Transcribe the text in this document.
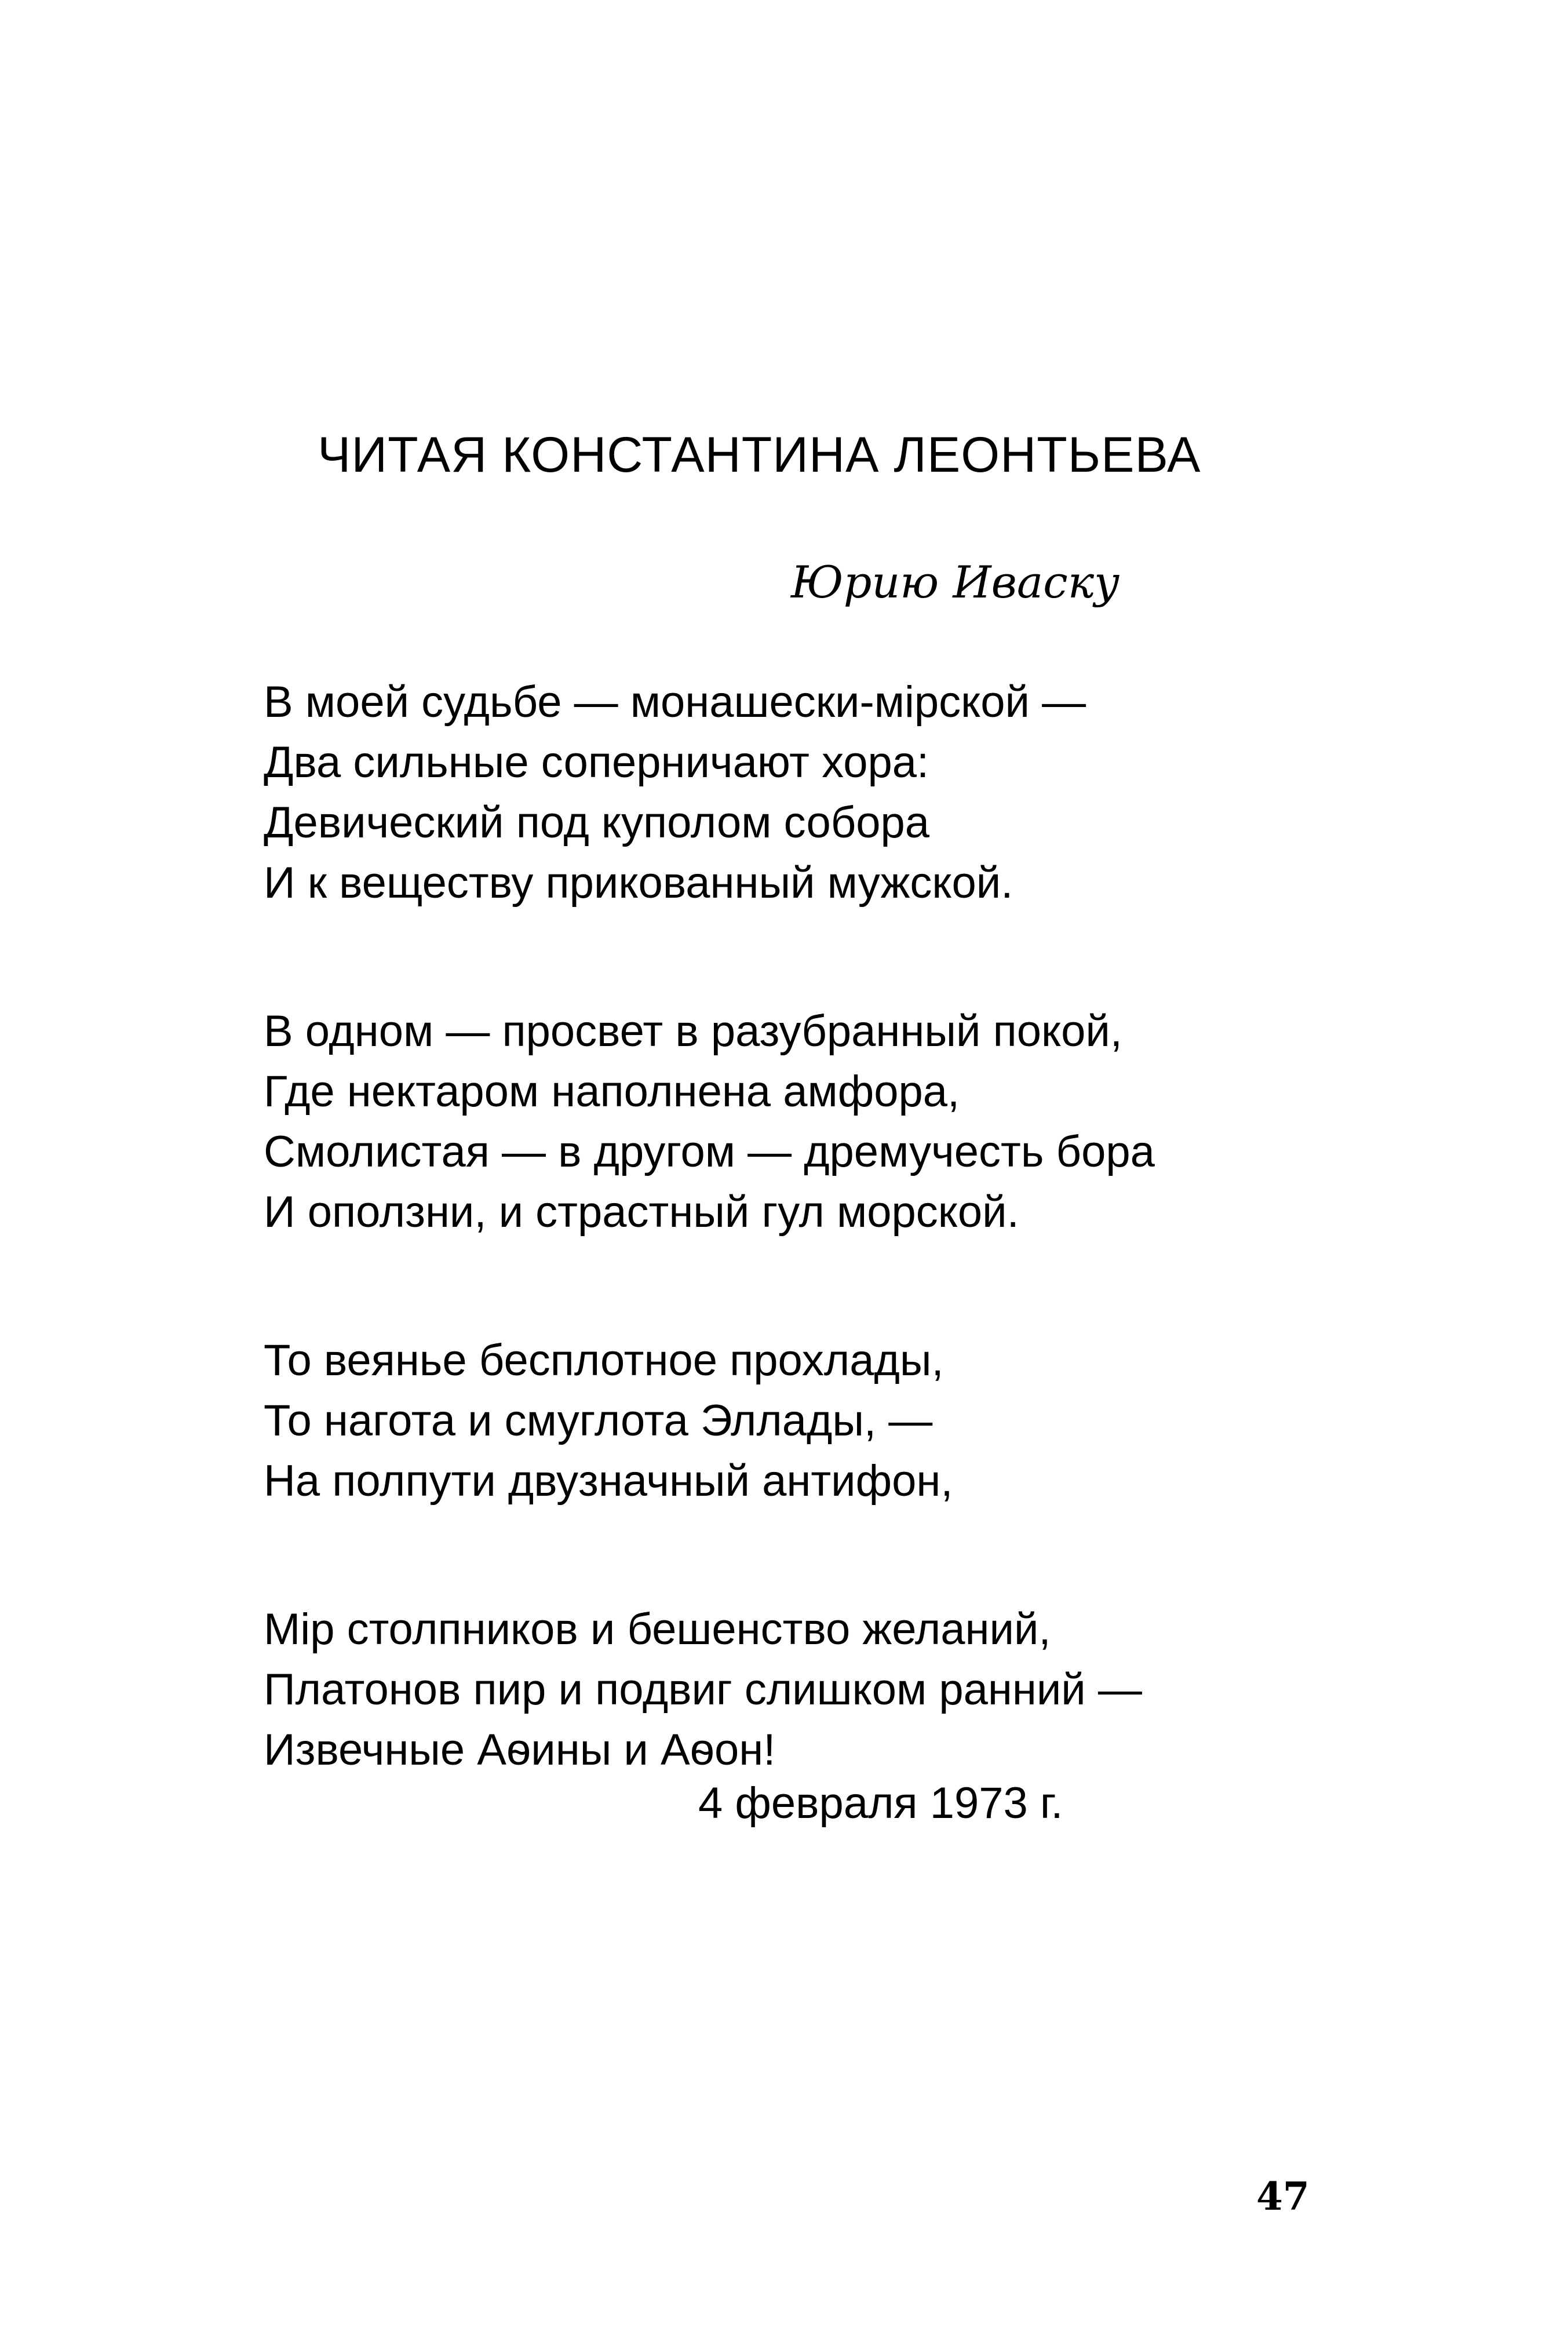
ЧИТАЯ КОНСТАНТИНА ЛЕОНТЬЕВА
Юрию Иваску
В моей судьбе — монашески-мiрской —
Два сильные соперничают хора:
Девический под куполом собора
И к веществу прикованный мужской.
В одном — просвет в разубранный покой,
Где нектаром наполнена амфора,
Смолистая — в другом — дремучесть бора
И оползни, и страстный гул морской.
То веянье бесплотное прохлады,
То нагота и смуглота Эллады, —
На полпути двузначный антифон,
Мiр столпников и бешенство желаний,
Платонов пир и подвиг слишком ранний —
Извечные Аѳины и Аѳон!
4 февраля 1973 г.
47
